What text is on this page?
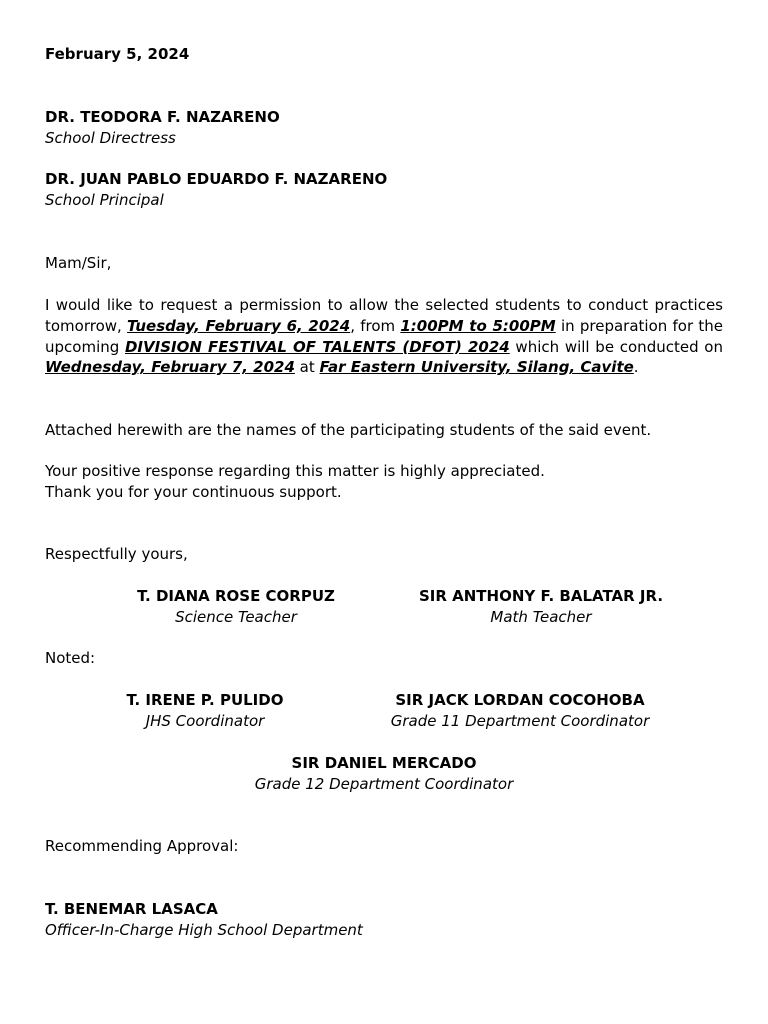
February 5, 2024
DR. TEODORA F. NAZARENO
School Directress
DR. JUAN PABLO EDUARDO F. NAZARENO
School Principal
Mam/Sir,
I would like to request a permission to allow the selected students to conduct practices tomorrow, Tuesday, February 6, 2024, from 1:00PM to 5:00PM in preparation for the upcoming DIVISION FESTIVAL OF TALENTS (DFOT) 2024 which will be conducted on Wednesday, February 7, 2024 at Far Eastern University, Silang, Cavite.
Attached herewith are the names of the participating students of the said event.
Your positive response regarding this matter is highly appreciated.
Thank you for your continuous support.
Respectfully yours,
T. DIANA ROSE CORPUZ
Science Teacher
SIR ANTHONY F. BALATAR JR.
Math Teacher
Noted:
T. IRENE P. PULIDO
JHS Coordinator
SIR JACK LORDAN COCOHOBA
Grade 11 Department Coordinator
SIR DANIEL MERCADO
Grade 12 Department Coordinator
Recommending Approval:
T. BENEMAR LASACA
Officer-In-Charge High School Department
